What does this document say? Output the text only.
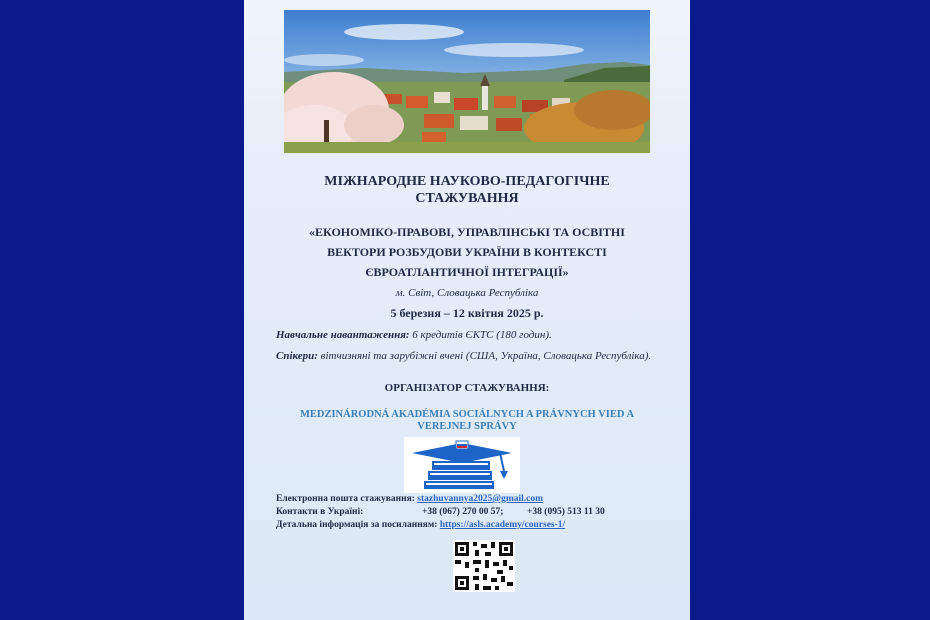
МІЖНАРОДНЕ НАУКОВО-ПЕДАГОГІЧНЕ СТАЖУВАННЯ
«ЕКОНОМІКО-ПРАВОВІ, УПРАВЛІНСЬКІ ТА ОСВІТНІ
ВЕКТОРИ РОЗБУДОВИ УКРАЇНИ В КОНТЕКСТІ
ЄВРОАТЛАНТИЧНОЇ ІНТЕГРАЦІЇ»
м. Світ, Словацька Республіка
5 березня – 12 квітня 2025 р.
Навчальне навантаження: 6 кредитів ЄКТС (180 годин).
Спікери: вітчизняні та зарубіжні вчені (США, Україна, Словацька Республіка).
ОРГАНІЗАТОР СТАЖУВАННЯ:
MEDZINÁRODNÁ AKADÉMIA SOCIÁLNYCH A PRÁVNYCH VIED A VEREJNEJ SPRÁVY
Електронна пошта стажування: stazhuvannya2025@gmail.com
Контакти в Україні:	+38 (067) 270 00 57; +38 (095) 513 11 30
Детальна інформація за посиланням: https://asls.academy/courses-1/
